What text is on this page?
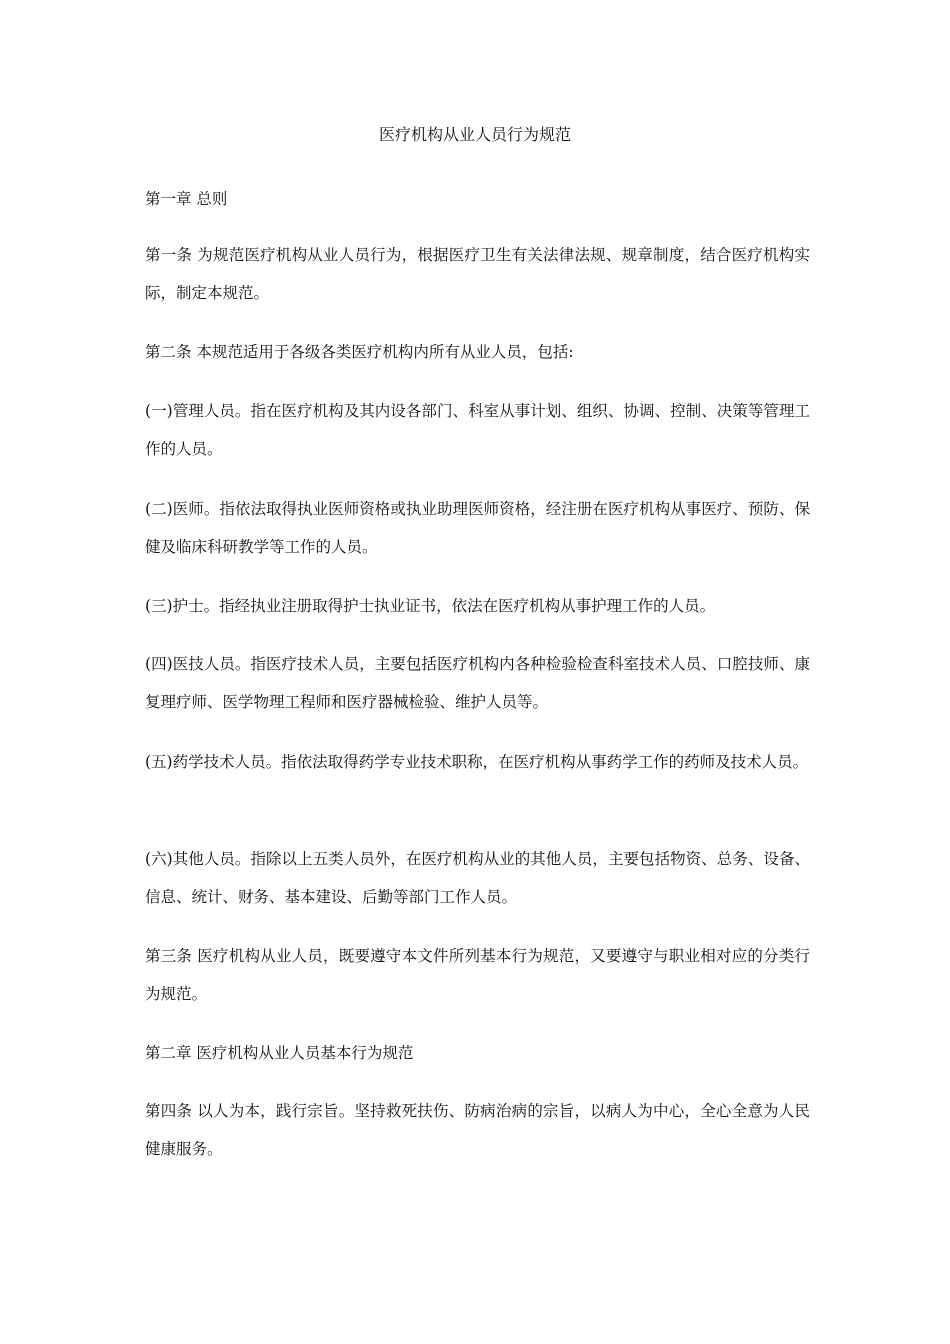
医疗机构从业人员行为规范

第一章 总则

第一条 为规范医疗机构从业人员行为，根据医疗卫生有关法律法规、规章制度，结合医疗机构实际，制定本规范。

第二条 本规范适用于各级各类医疗机构内所有从业人员，包括:

(一)管理人员。指在医疗机构及其内设各部门、科室从事计划、组织、协调、控制、决策等管理工作的人员。

(二)医师。指依法取得执业医师资格或执业助理医师资格，经注册在医疗机构从事医疗、预防、保健及临床科研教学等工作的人员。

(三)护士。指经执业注册取得护士执业证书，依法在医疗机构从事护理工作的人员。

(四)医技人员。指医疗技术人员，主要包括医疗机构内各种检验检查科室技术人员、口腔技师、康复理疗师、医学物理工程师和医疗器械检验、维护人员等。

(五)药学技术人员。指依法取得药学专业技术职称，在医疗机构从事药学工作的药师及技术人员。

(六)其他人员。指除以上五类人员外，在医疗机构从业的其他人员，主要包括物资、总务、设备、信息、统计、财务、基本建设、后勤等部门工作人员。

第三条 医疗机构从业人员，既要遵守本文件所列基本行为规范，又要遵守与职业相对应的分类行为规范。

第二章 医疗机构从业人员基本行为规范

第四条 以人为本，践行宗旨。坚持救死扶伤、防病治病的宗旨，以病人为中心，全心全意为人民健康服务。
